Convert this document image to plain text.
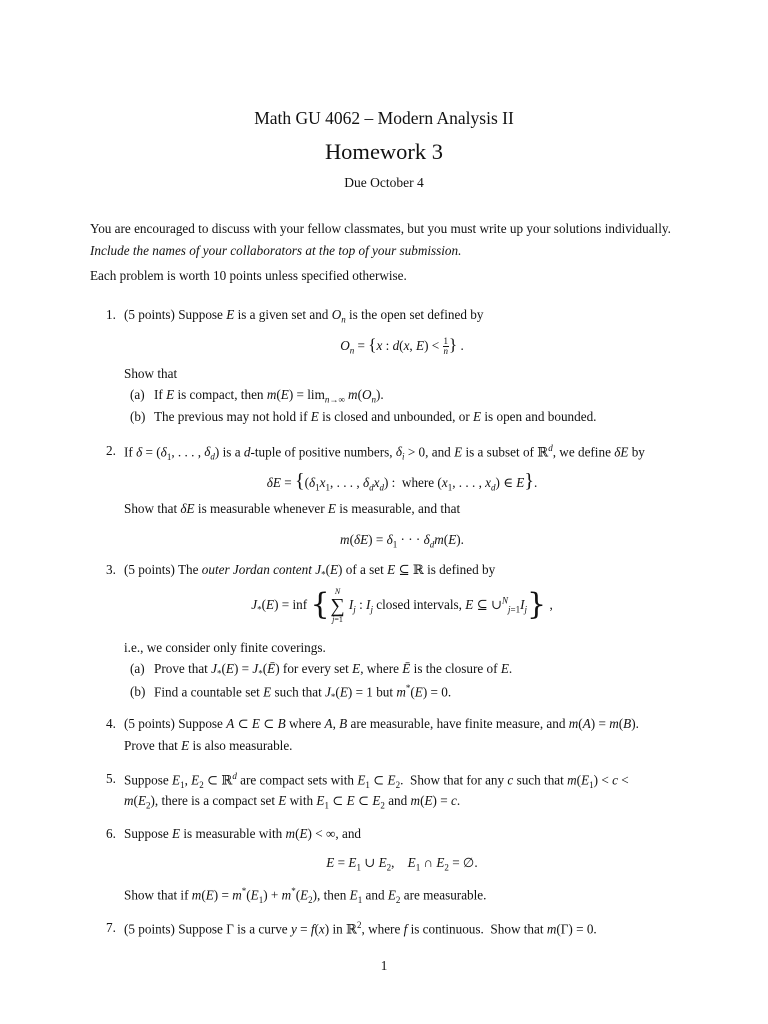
Math GU 4062 – Modern Analysis II
Homework 3
Due October 4
You are encouraged to discuss with your fellow classmates, but you must write up your solutions individually.
Include the names of your collaborators at the top of your submission.
Each problem is worth 10 points unless specified otherwise.
1. (5 points) Suppose E is a given set and $O_n$ is the open set defined by
$O_n = \{x$ : d(x, $E) < \frac{1}{n}$ } .
Show that
(a) If E is compact, then $m(E) = \lim_{n\to\infty} m(O_n)$.
(b) The previous may not hold if E is closed and unbounded, or E is open and bounded.
2. If $\delta = (\delta_1$, . . . , $\delta_d$) is a d-tuple of positive numbers, $\delta_i > 0$, and E is a subset of ℝ$^d$, we define δE by
$\delta E = \{(\delta_1x_1$, . . . , $\delta_dx_d$) :  where ($x_1$, . . . , $x_d$) ∈ E}.
Show that δE is measurable whenever E is measurable, and that
$m(\delta E) = \delta_1$ · · · $\delta_dm(E)$.
3. (5 points) The outer Jordan content $J_*(E)$ of a set E ⊆ ℝ is defined by
$J_*(E)$ = inf { N
∑
j=1
$I_j$ : $I_j$ closed intervals, E ⊆ $\cup^N_{j=1}I_j$} ,
i.e., we consider only finite coverings.
(a) Prove that $J_*(E)$ = $J_*(Ē)$ for every set E, where Ē is the closure of E.
(b) Find a countable set E such that $J_*(E) = 1$ but m*(E) = 0.
4. (5 points) Suppose A ⊂ E ⊂ B where A, B are measurable, have finite measure, and m(A) = m(B).
Prove that E is also measurable.
5. Suppose $E_1$, $E_2$ ⊂ ℝ$^d$ are compact sets with $E_1$ ⊂ $E_2$.  Show that for any c such that $m(E_1) < c$ <
$m(E_2)$, there is a compact set E with $E_1$ ⊂ E ⊂ $E_2$ and m(E) = c.
6. Suppose E is measurable with m(E) < ∞, and
$E = E_1$ ∪ $E_2$,    $E_1$ ∩ $E_2$ = ∅.
Show that if $m(E) = m^*(E_1) + m^*(E_2)$, then $E_1$ and $E_2$ are measurable.
7. (5 points) Suppose Γ is a curve y = f(x) in ℝ$^2$, where f is continuous.  Show that m(Γ) = 0.
1
